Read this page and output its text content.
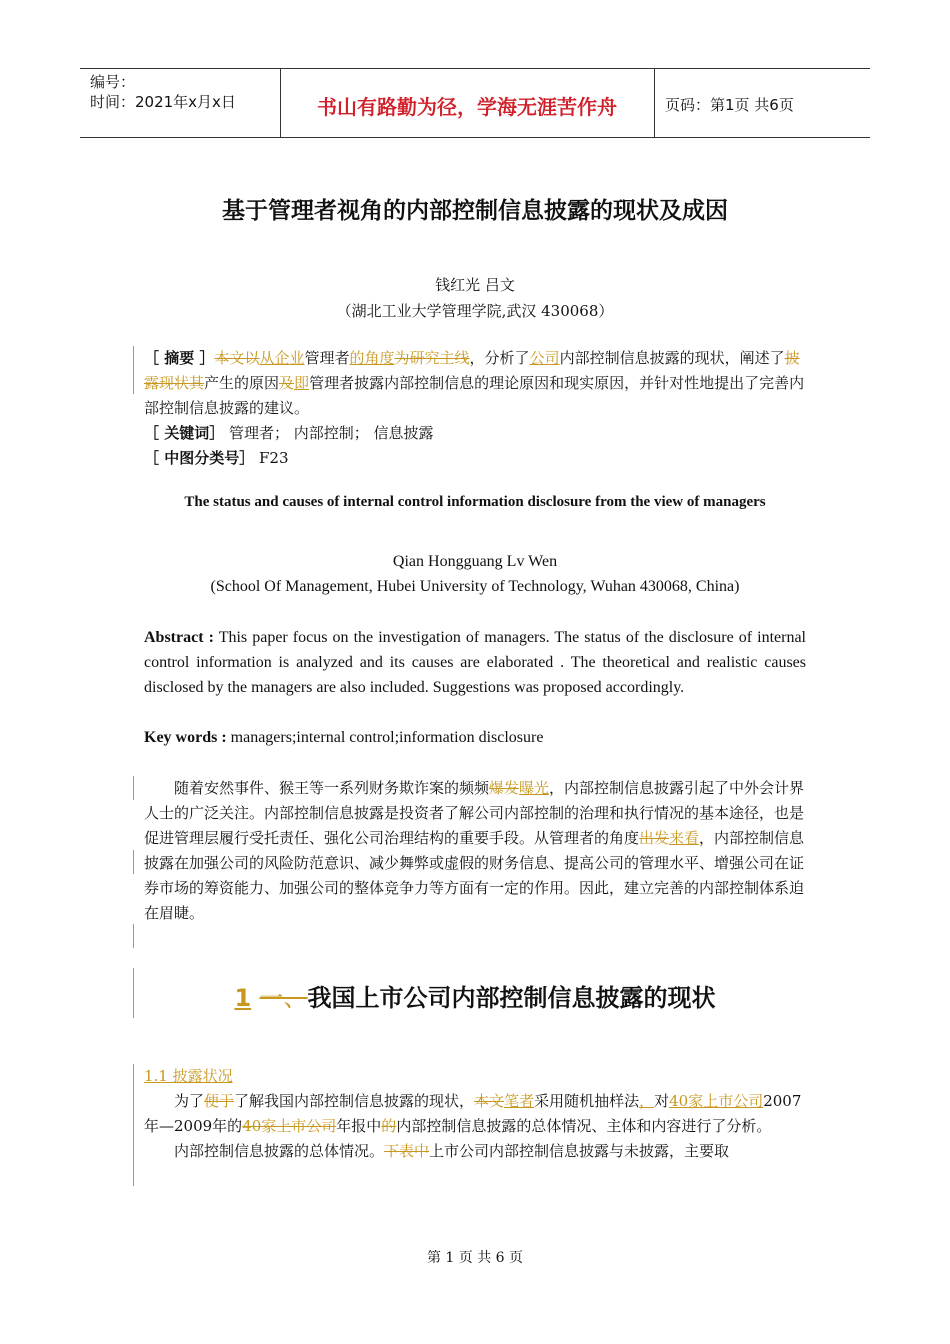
编号：
时间：2021年x月x日	书山有路勤为径，学海无涯苦作舟	页码：第1页 共6页
基于管理者视角的内部控制信息披露的现状及成因
钱红光 吕文
（湖北工业大学管理学院,武汉 430068）
［ 摘要 ］本文以从企业管理者的角度为研究主线，分析了公司内部控制信息披露的现状，阐述了披露现状其产生的原因及即管理者披露内部控制信息的理论原因和现实原因，并针对性地提出了完善内部控制信息披露的建议。
［ 关键词］ 管理者； 内部控制； 信息披露
［ 中图分类号］ F23
The status and causes of internal control information disclosure from the view of managers
Qian Hongguang Lv Wen
(School Of Management, Hubei University of Technology, Wuhan 430068, China)
Abstract : This paper focus on the investigation of managers. The status of the disclosure of internal control information is analyzed and its causes are elaborated . The theoretical and realistic causes disclosed by the managers are also included. Suggestions was proposed accordingly.
Key words : managers;internal control;information disclosure
随着安然事件、猴王等一系列财务欺诈案的频频爆发曝光，内部控制信息披露引起了中外会计界人士的广泛关注。内部控制信息披露是投资者了解公司内部控制的治理和执行情况的基本途径，也是促进管理层履行受托责任、强化公司治理结构的重要手段。从管理者的角度出发来看，内部控制信息披露在加强公司的风险防范意识、减少舞弊或虚假的财务信息、提高公司的管理水平、增强公司在证券市场的筹资能力、加强公司的整体竞争力等方面有一定的作用。因此，建立完善的内部控制体系迫在眉睫。
1 一、我国上市公司内部控制信息披露的现状
1.1 披露状况
为了便于了解我国内部控制信息披露的现状，本文笔者采用随机抽样法，对40家上市公司2007年—2009年的40家上市公司年报中的内部控制信息披露的总体情况、主体和内容进行了分析。
内部控制信息披露的总体情况。下表中上市公司内部控制信息披露与未披露，主要取
第 1 页 共 6 页
